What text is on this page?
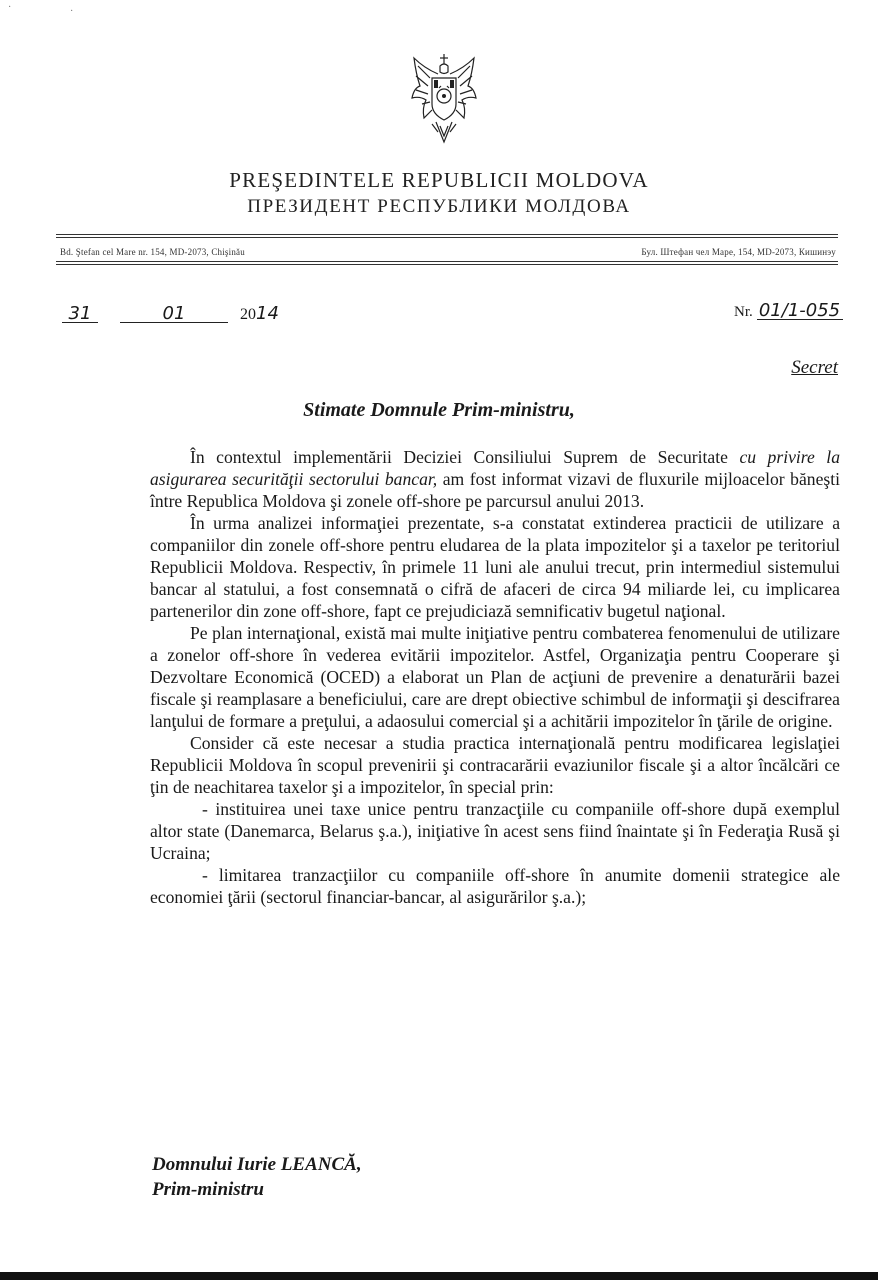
·	·
PREŞEDINTELE REPUBLICII MOLDOVA
ПРЕЗИДЕНТ РЕСПУБЛИКИ МОЛДОВА
Bd. Ştefan cel Mare nr. 154, MD-2073, Chişinău	Бул. Штефан чел Маре, 154, MD-2073, Кишинэу
31	01	2014	Nr. 01/1-055
Secret
Stimate Domnule Prim-ministru,

În contextul implementării Deciziei Consiliului Suprem de Securitate cu privire la asigurarea securităţii sectorului bancar, am fost informat vizavi de fluxurile mijloacelor băneşti între Republica Moldova şi zonele off-shore pe parcursul anului 2013.

În urma analizei informaţiei prezentate, s-a constatat extinderea practicii de utilizare a companiilor din zonele off-shore pentru eludarea de la plata impozitelor şi a taxelor pe teritoriul Republicii Moldova. Respectiv, în primele 11 luni ale anului trecut, prin intermediul sistemului bancar al statului, a fost consemnată o cifră de afaceri de circa 94 miliarde lei, cu implicarea partenerilor din zone off-shore, fapt ce prejudiciază semnificativ bugetul naţional.

Pe plan internaţional, există mai multe iniţiative pentru combaterea fenomenului de utilizare a zonelor off-shore în vederea evitării impozitelor. Astfel, Organizaţia pentru Cooperare şi Dezvoltare Economică (OCED) a elaborat un Plan de acţiuni de prevenire a denaturării bazei fiscale şi reamplasare a beneficiului, care are drept obiective schimbul de informaţii şi descifrarea lanţului de formare a preţului, a adaosului comercial şi a achitării impozitelor în ţările de origine.

Consider că este necesar a studia practica internaţională pentru modificarea legislaţiei Republicii Moldova în scopul prevenirii şi contracarării evaziunilor fiscale şi a altor încălcări ce ţin de neachitarea taxelor şi a impozitelor, în special prin:

- instituirea unei taxe unice pentru tranzacţiile cu companiile off-shore după exemplul altor state (Danemarca, Belarus ş.a.), iniţiative în acest sens fiind înaintate şi în Federaţia Rusă şi Ucraina;

- limitarea tranzacţiilor cu companiile off-shore în anumite domenii strategice ale economiei ţării (sectorul financiar-bancar, al asigurărilor ş.a.);

Domnului Iurie LEANCĂ,
Prim-ministru
